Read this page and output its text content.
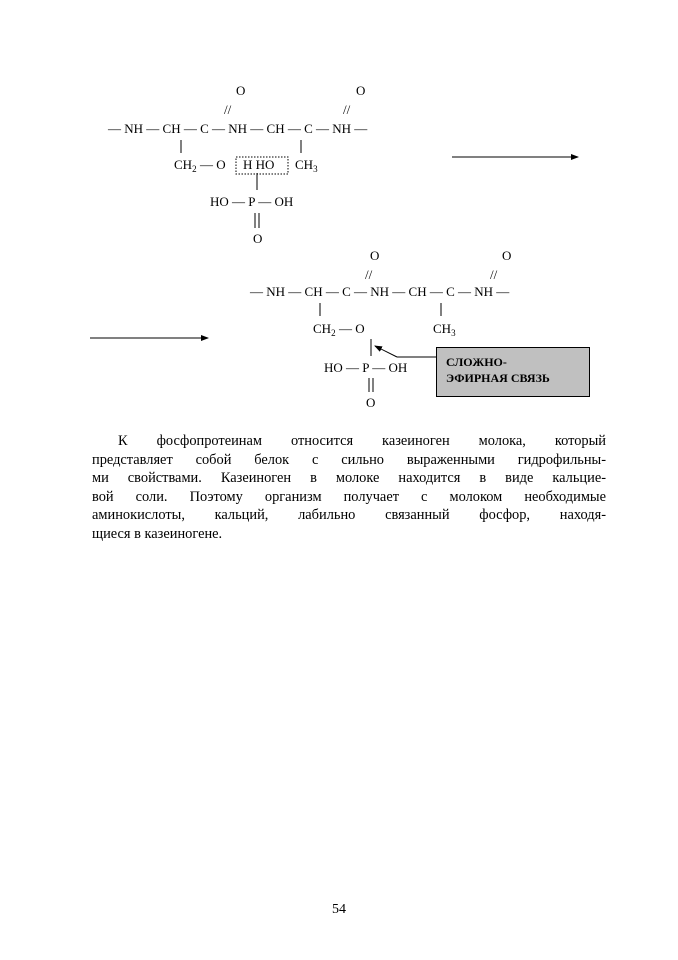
O	O
//	//
— NH — CH — C — NH — CH — C — NH —
$CH_2$ — O H HO $CH_3$
HO — P — OH
O
O	O
//	//
— NH — CH — C — NH — CH — C — NH —
$CH_2$ — O	$CH_3$
HO — P — OH
O
СЛОЖНО-
ЭФИРНАЯ СВЯЗЬ
К фосфопротеинам относится казеиноген молока, который
представляет собой белок с сильно выраженными гидрофильны-
ми свойствами. Казеиноген в молоке находится в виде кальцие-
вой соли. Поэтому организм получает с молоком необходимые
аминокислоты, кальций, лабильно связанный фосфор, находя-
щиеся в казеиногене.
54
